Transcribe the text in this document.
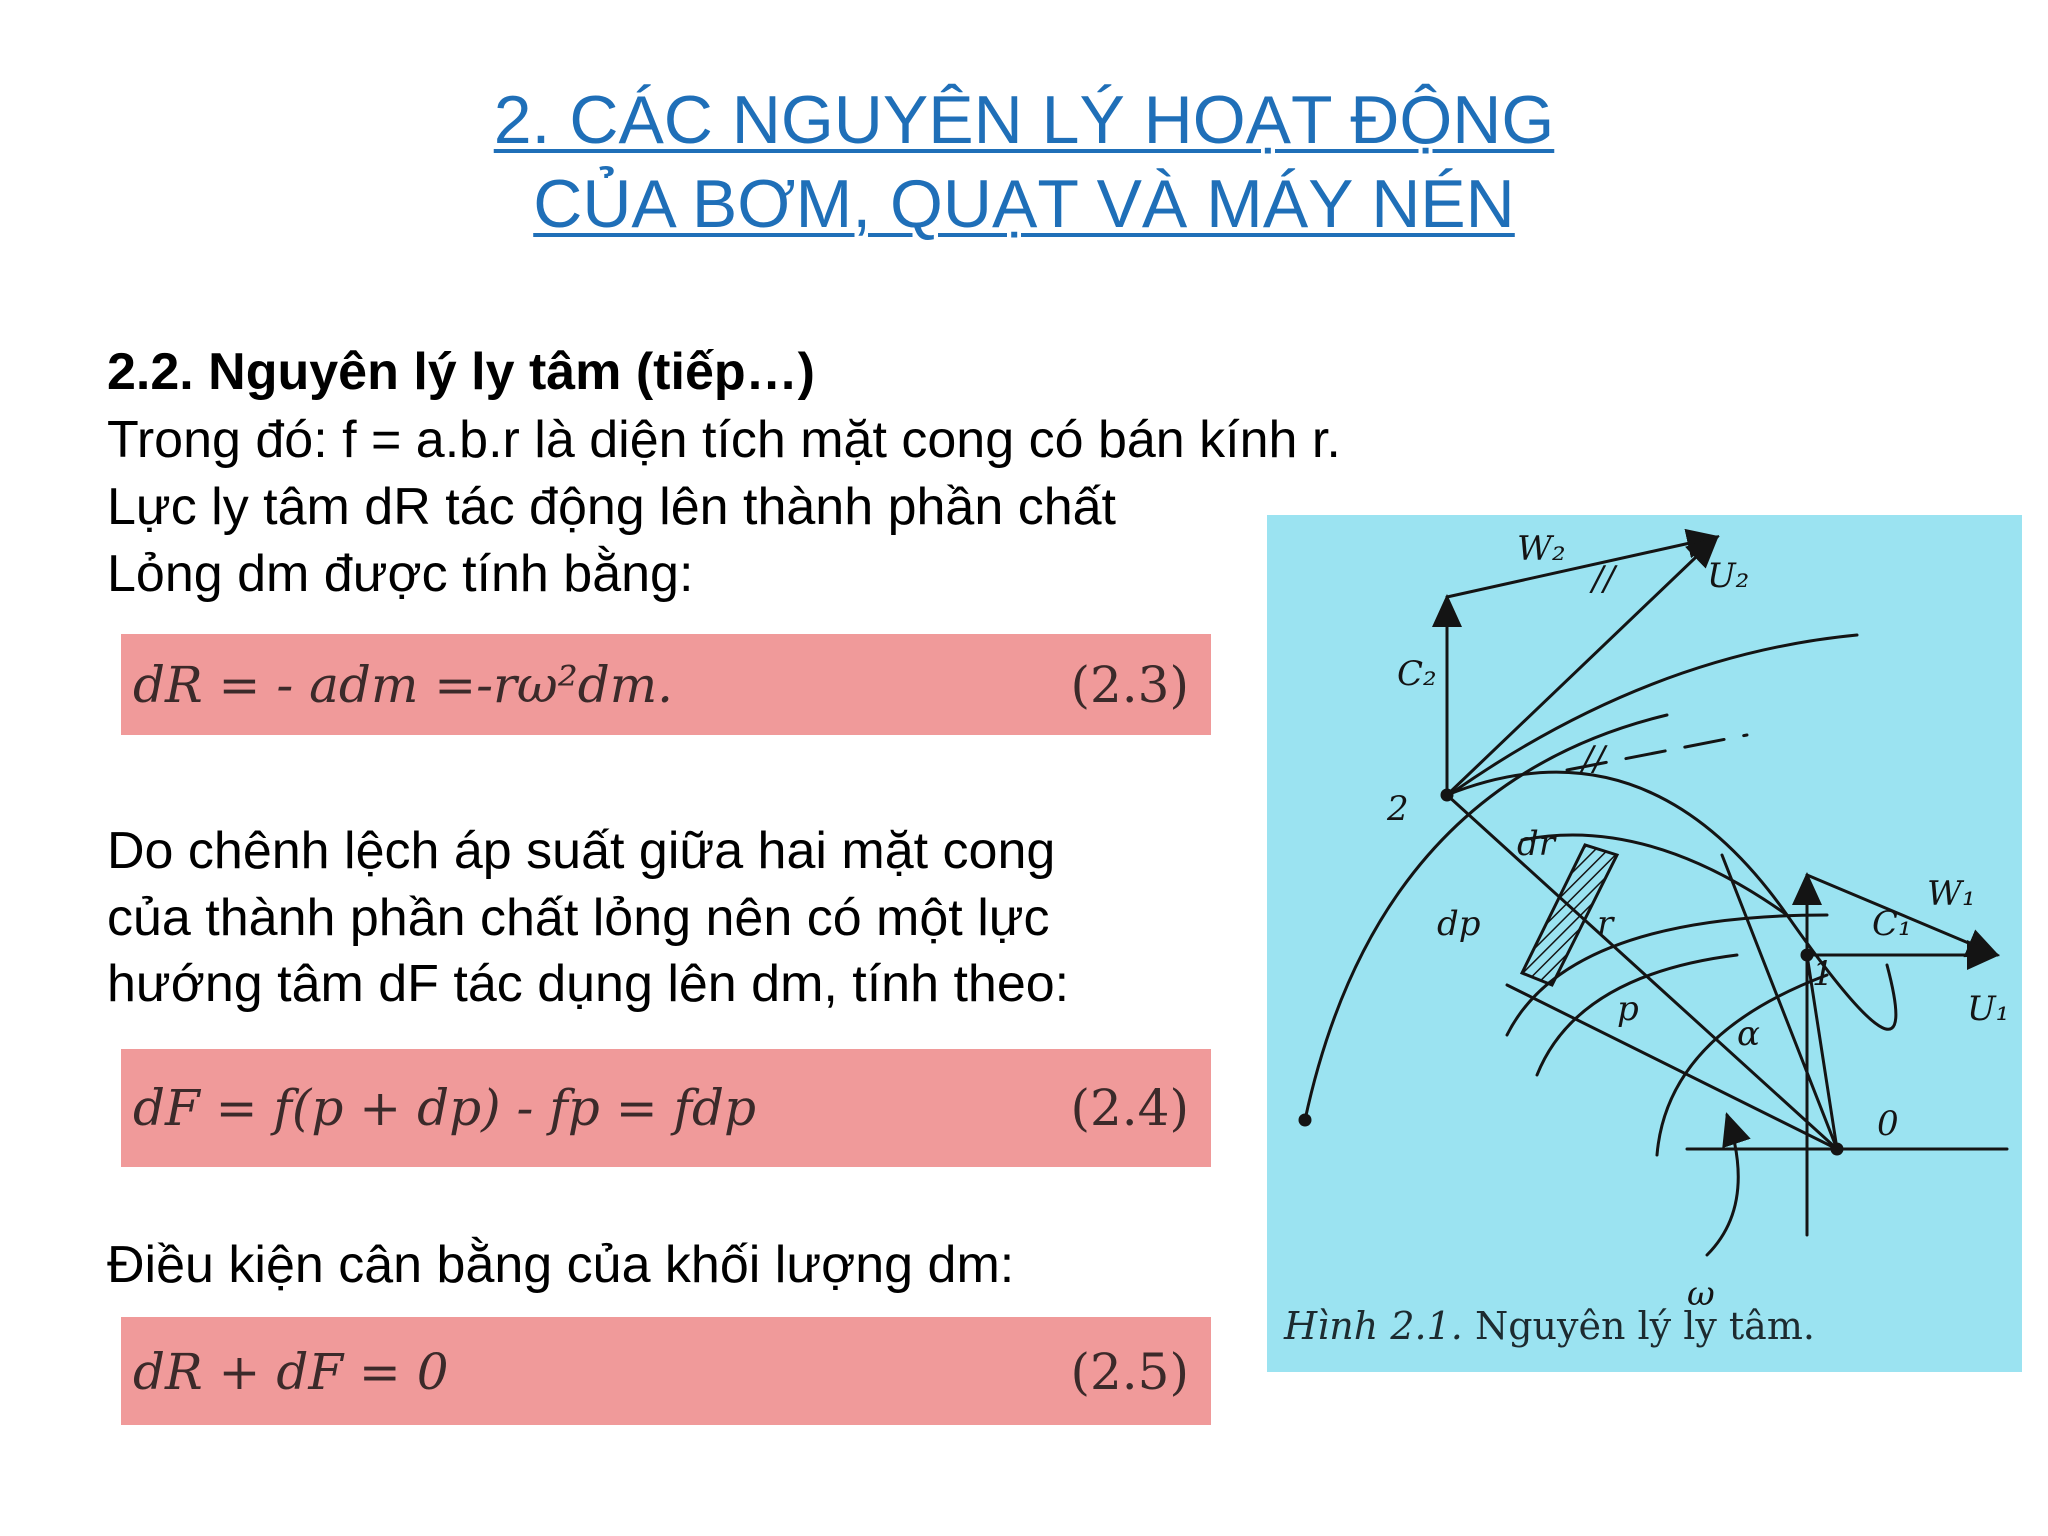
2. CÁC NGUYÊN LÝ HOẠT ĐỘNG
CỦA BƠM, QUẠT VÀ MÁY NÉN
2.2. Nguyên lý ly tâm (tiếp…)
Trong đó: f = a.b.r là diện tích mặt cong có bán kính r.
Lực ly tâm dR tác động lên thành phần chất
Lỏng dm được tính bằng:
dR = - adm =-rω²dm.	(2.3)
Do chênh lệch áp suất giữa hai mặt cong
của thành phần chất lỏng nên có một lực
hướng tâm dF tác dụng lên dm, tính theo:
dF = f(p + dp) - fp = fdp	(2.4)
Điều kiện cân bằng của khối lượng dm:
dR + dF = 0	(2.5)
W₂
U₂
C₂
2
dr
dp	r
p
α
W₁
C₁
U₁
1
0
ω
//
//
Hình 2.1. Nguyên lý ly tâm.
